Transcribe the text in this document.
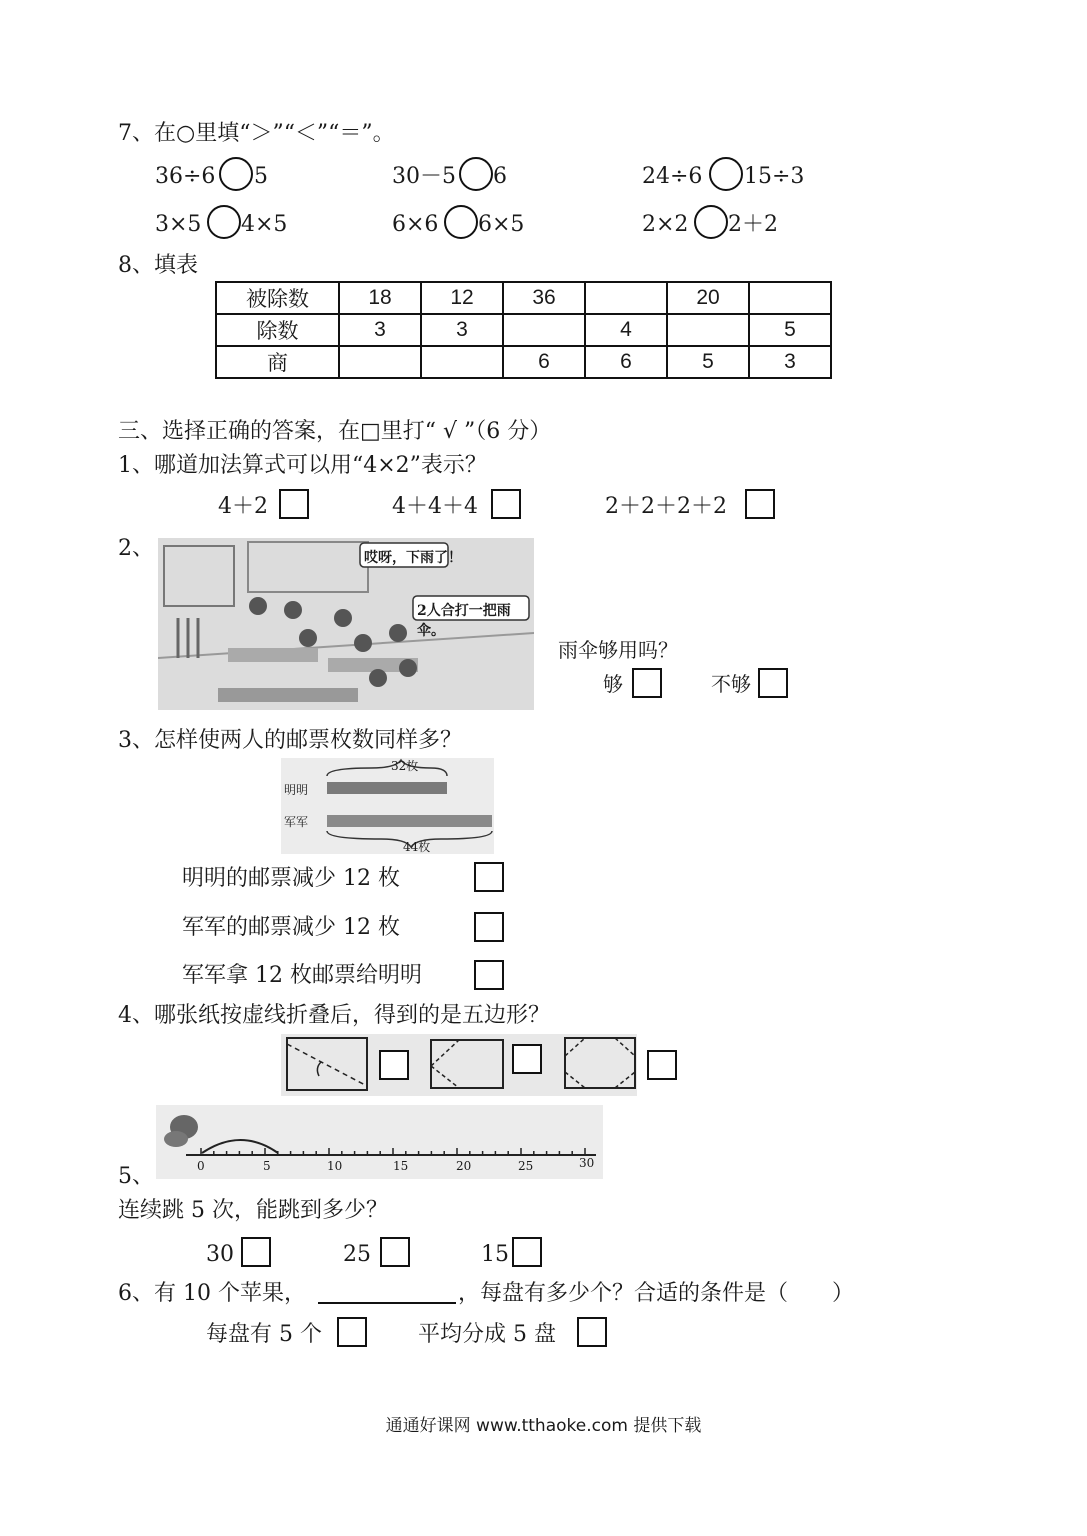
7、在○里填“＞”“＜”“＝”。
36÷6 5	30－5 6	24÷6 15÷3
3×5 4×5	6×6 6×5	2×2 2＋2
8、填表
被除数	18	12	36		20	
除数	3	3		4		5
商			6	6	5	3
三、选择正确的答案，在□里打“ √ ”（6 分）
1、哪道加法算式可以用“4×2”表示？
4＋2	4＋4＋4	2＋2＋2＋2
2、	哎呀，下雨了！
2人合打一把雨伞。
雨伞够用吗？
够	不够
3、怎样使两人的邮票枚数同样多？
32枚
明明
军军
44枚
明明的邮票减少 12 枚
军军的邮票减少 12 枚
军军拿 12 枚邮票给明明
4、哪张纸按虚线折叠后，得到的是五边形？
0	5	10	15	20	25	30
5、
连续跳 5 次，能跳到多少？
30	25	15
6、有 10 个苹果，	，每盘有多少个？合适的条件是（　　）
每盘有 5 个	平均分成 5 盘
通通好课网 www.tthaoke.com 提供下载
